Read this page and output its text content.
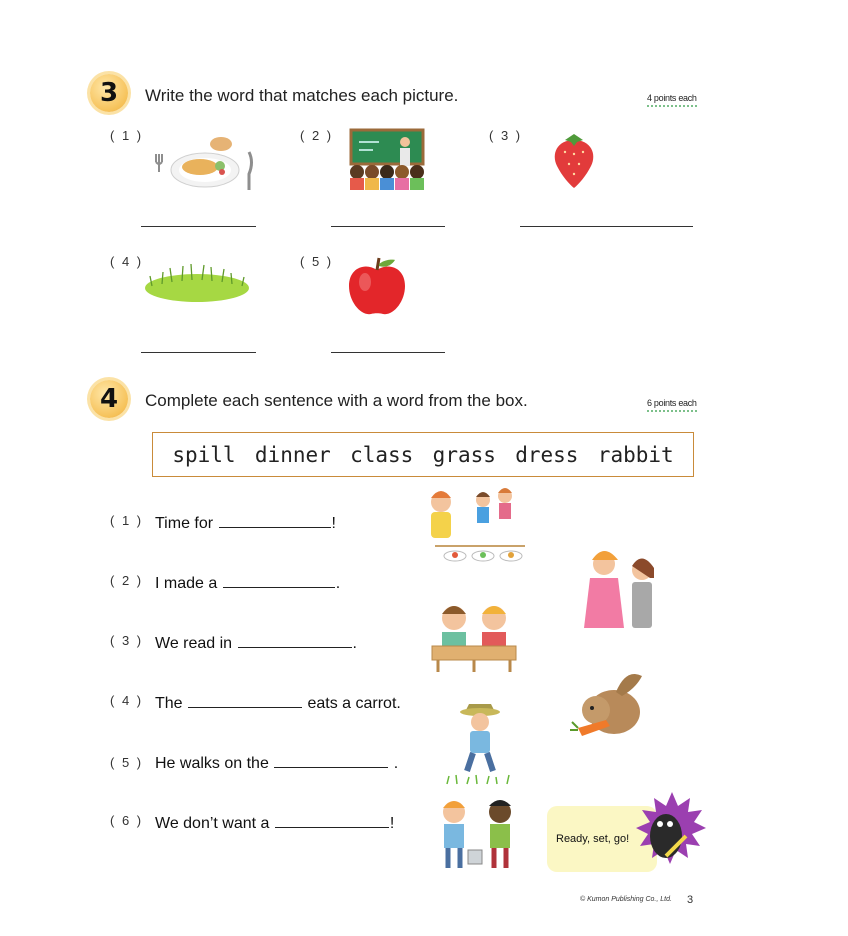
3 Write the word that matches each picture.	4 points each
( 1 )	( 2 )	( 3 )
( 4 )	( 5 )
4 Complete each sentence with a word from the box.	6 points each
spill dinner class grass dress rabbit
( 1 ) Time for	!
( 2 ) I made a	.
( 3 ) We read in	.
( 4 ) The	eats a carrot.
( 5 ) He walks on the	.
( 6 ) We don’t want a	!
Ready, set, go!
© Kumon Publishing Co., Ltd. 3
